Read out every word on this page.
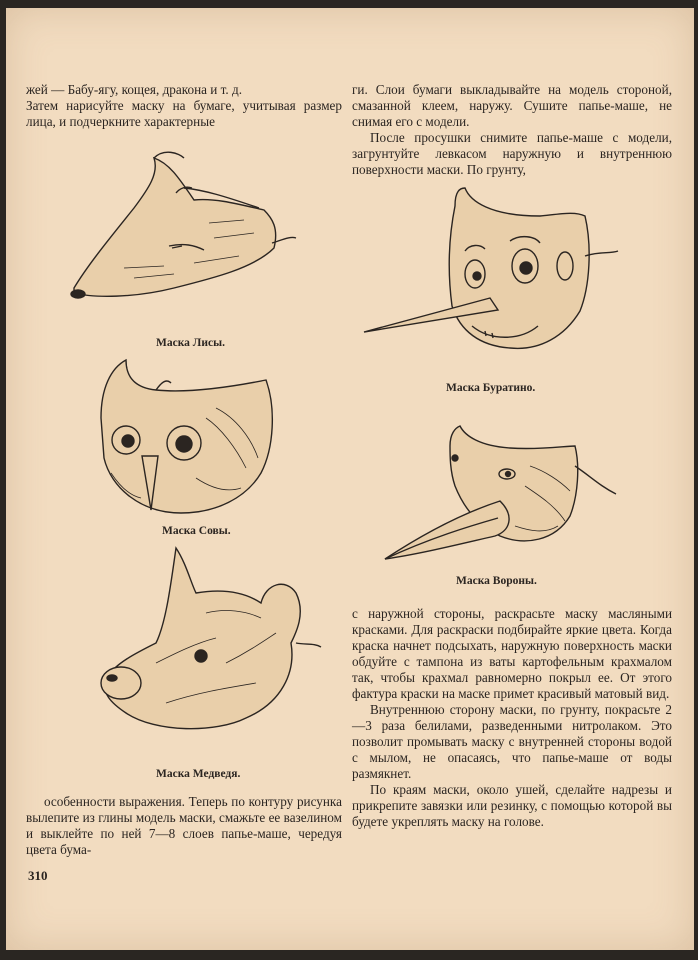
жей — Бабу-ягу, кощея, дракона и т. д.

Затем нарисуйте маску на бумаге, учитывая размер лица, и подчеркните характерные

Маска Лисы.
Маска Совы.
Маска Медведя.

особенности выражения. Теперь по контуру рисунка вылепите из глины модель маски, смажьте ее вазелином и выклейте по ней 7—8 слоев папье-маше, чередуя цвета бума-

ги. Слои бумаги выкладывайте на модель стороной, смазанной клеем, наружу. Сушите папье-маше, не снимая его с модели.

После просушки снимите папье-маше с модели, загрунтуйте левкасом наружную и внутреннюю поверхности маски. По грунту,

Маска Буратино.
Маска Вороны.

с наружной стороны, раскрасьте маску масляными красками. Для раскраски подбирайте яркие цвета. Когда краска начнет подсыхать, наружную поверхность маски обдуйте с тампона из ваты картофельным крахмалом так, чтобы крахмал равномерно покрыл ее. От этого фактура краски на маске примет красивый матовый вид.

Внутреннюю сторону маски, по грунту, покрасьте 2—3 раза белилами, разведенными нитролаком. Это позволит промывать маску с внутренней стороны водой с мылом, не опасаясь, что папье-маше от воды размякнет.

По краям маски, около ушей, сделайте надрезы и прикрепите завязки или резинку, с помощью которой вы будете укреплять маску на голове.

310
